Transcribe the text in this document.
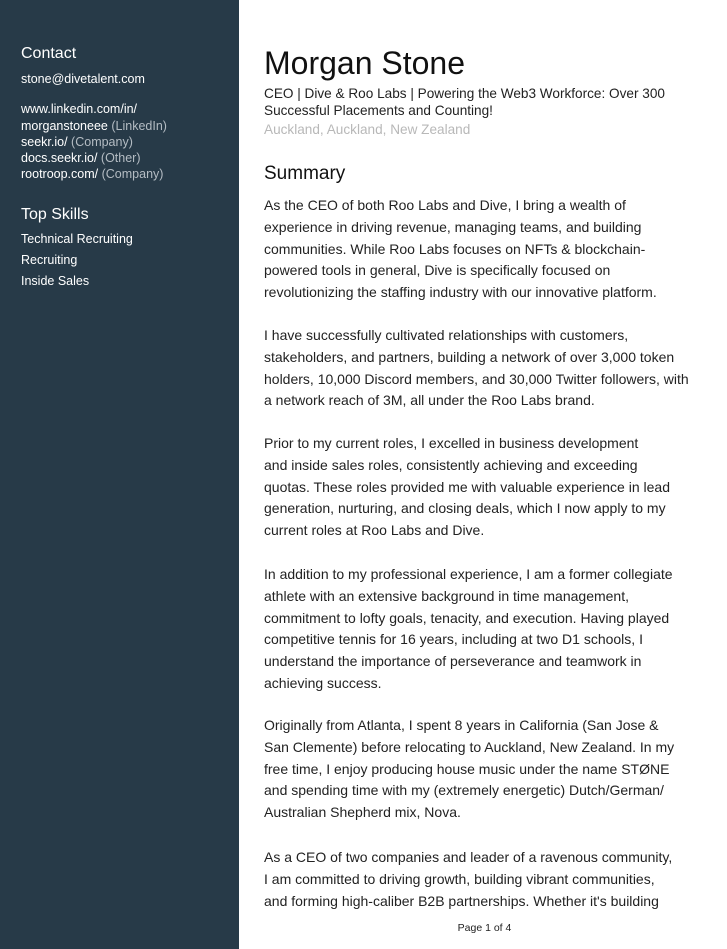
Contact
stone@divetalent.com
www.linkedin.com/in/
morganstoneee (LinkedIn)
seekr.io/ (Company)
docs.seekr.io/ (Other)
rootroop.com/ (Company)
Top Skills
Technical Recruiting
Recruiting
Inside Sales
Morgan Stone
CEO | Dive & Roo Labs | Powering the Web3 Workforce: Over 300
Successful Placements and Counting!
Auckland, Auckland, New Zealand
Summary
As the CEO of both Roo Labs and Dive, I bring a wealth of
experience in driving revenue, managing teams, and building
communities. While Roo Labs focuses on NFTs & blockchain-
powered tools in general, Dive is specifically focused on
revolutionizing the staffing industry with our innovative platform.
I have successfully cultivated relationships with customers,
stakeholders, and partners, building a network of over 3,000 token
holders, 10,000 Discord members, and 30,000 Twitter followers, with
a network reach of 3M, all under the Roo Labs brand.
Prior to my current roles, I excelled in business development
and inside sales roles, consistently achieving and exceeding
quotas. These roles provided me with valuable experience in lead
generation, nurturing, and closing deals, which I now apply to my
current roles at Roo Labs and Dive.
In addition to my professional experience, I am a former collegiate
athlete with an extensive background in time management,
commitment to lofty goals, tenacity, and execution. Having played
competitive tennis for 16 years, including at two D1 schools, I
understand the importance of perseverance and teamwork in
achieving success.
Originally from Atlanta, I spent 8 years in California (San Jose &
San Clemente) before relocating to Auckland, New Zealand. In my
free time, I enjoy producing house music under the name STØNE
and spending time with my (extremely energetic) Dutch/German/
Australian Shepherd mix, Nova.
As a CEO of two companies and leader of a ravenous community,
I am committed to driving growth, building vibrant communities,
and forming high-caliber B2B partnerships. Whether it's building
Page 1 of 4
